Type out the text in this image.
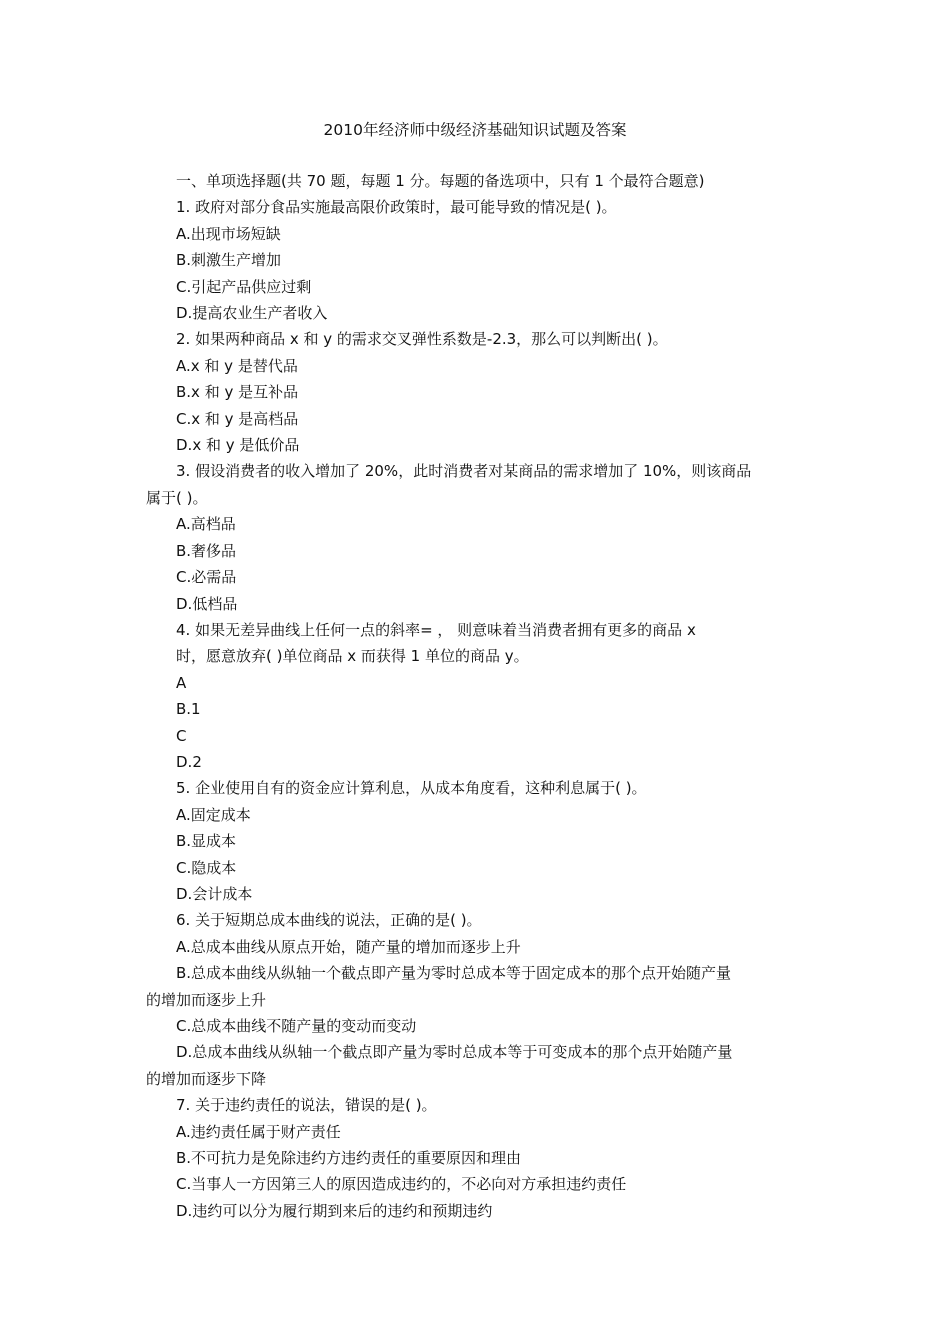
2010年经济师中级经济基础知识试题及答案
一、单项选择题(共 70 题，每题 1 分。每题的备选项中，只有 1 个最符合题意)
1. 政府对部分食品实施最高限价政策时，最可能导致的情况是( )。
A.出现市场短缺
B.刺激生产增加
C.引起产品供应过剩
D.提高农业生产者收入
2. 如果两种商品 x 和 y 的需求交叉弹性系数是-2.3，那么可以判断出( )。
A.x 和 y 是替代品
B.x 和 y 是互补品
C.x 和 y 是高档品
D.x 和 y 是低价品
3. 假设消费者的收入增加了 20%，此时消费者对某商品的需求增加了 10%，则该商品
属于( )。
A.高档品
B.奢侈品
C.必需品
D.低档品
4. 如果无差异曲线上任何一点的斜率= ， 则意味着当消费者拥有更多的商品 x
时，愿意放弃( )单位商品 x 而获得 1 单位的商品 y。
A
B.1
C
D.2
5. 企业使用自有的资金应计算利息，从成本角度看，这种利息属于( )。
A.固定成本
B.显成本
C.隐成本
D.会计成本
6. 关于短期总成本曲线的说法，正确的是( )。
A.总成本曲线从原点开始，随产量的增加而逐步上升
B.总成本曲线从纵轴一个截点即产量为零时总成本等于固定成本的那个点开始随产量
的增加而逐步上升
C.总成本曲线不随产量的变动而变动
D.总成本曲线从纵轴一个截点即产量为零时总成本等于可变成本的那个点开始随产量
的增加而逐步下降
7. 关于违约责任的说法，错误的是( )。
A.违约责任属于财产责任
B.不可抗力是免除违约方违约责任的重要原因和理由
C.当事人一方因第三人的原因造成违约的，不必向对方承担违约责任
D.违约可以分为履行期到来后的违约和预期违约
